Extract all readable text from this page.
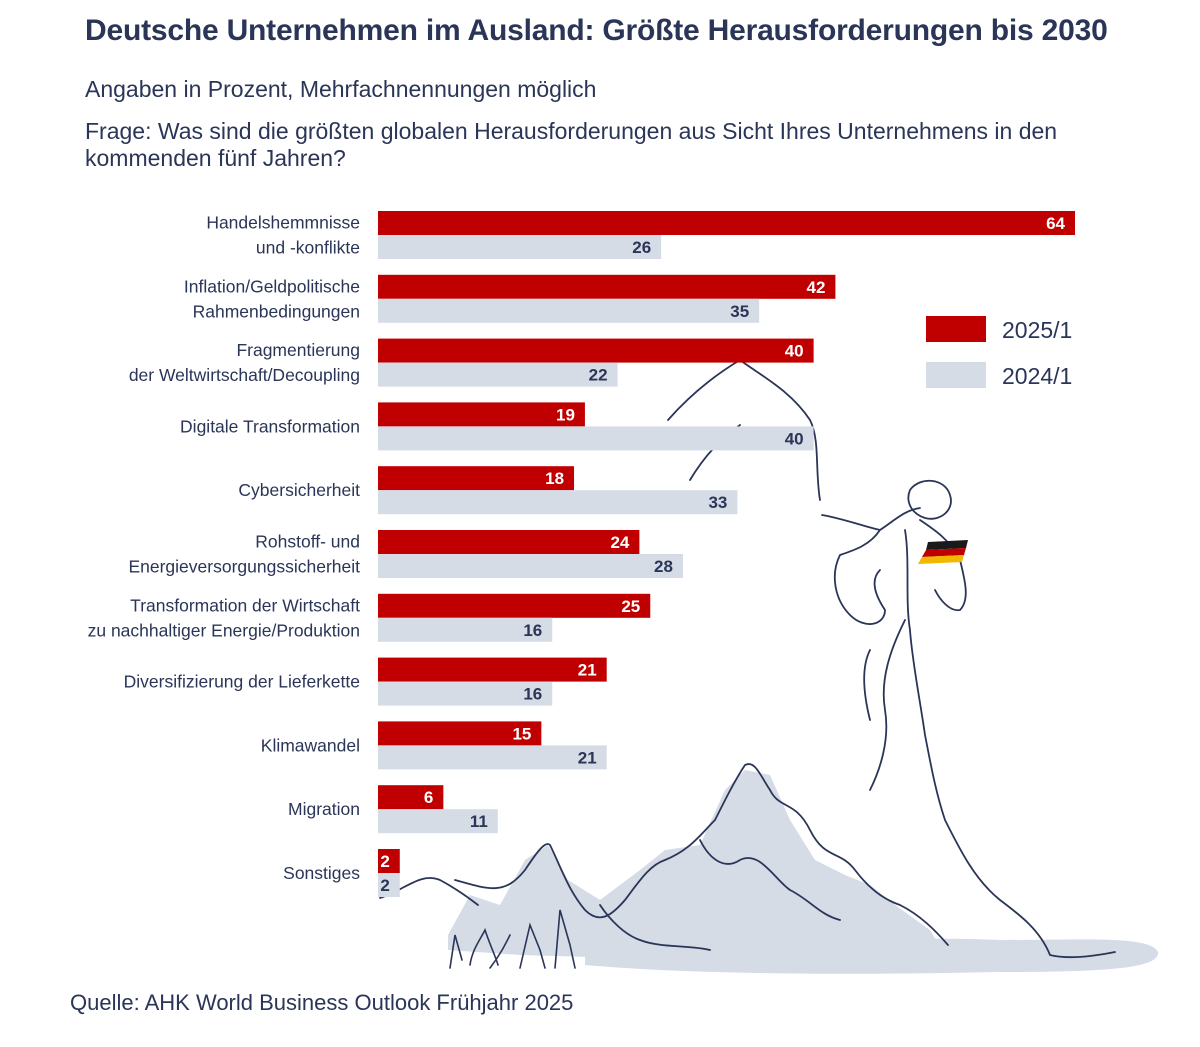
Deutsche Unternehmen im Ausland: Größte Herausforderungen bis 2030
Angaben in Prozent, Mehrfachnennungen möglich
Frage: Was sind die größten globalen Herausforderungen aus Sicht Ihres Unternehmens in den kommenden fünf Jahren?
64
26
42
35
40
22
19
40
18
33
24
28
25
16
21
16
15
21
6
11
2
2
Handelshemmnisse
und -konflikte
Inflation/Geldpolitische
Rahmenbedingungen
Fragmentierung
der Weltwirtschaft/Decoupling
Digitale Transformation
Cybersicherheit
Rohstoff- und
Energieversorgungssicherheit
Transformation der Wirtschaft
zu nachhaltiger Energie/Produktion
Diversifizierung der Lieferkette
Klimawandel
Migration
Sonstiges
2025/1
2024/1
Quelle: AHK World Business Outlook Frühjahr 2025
